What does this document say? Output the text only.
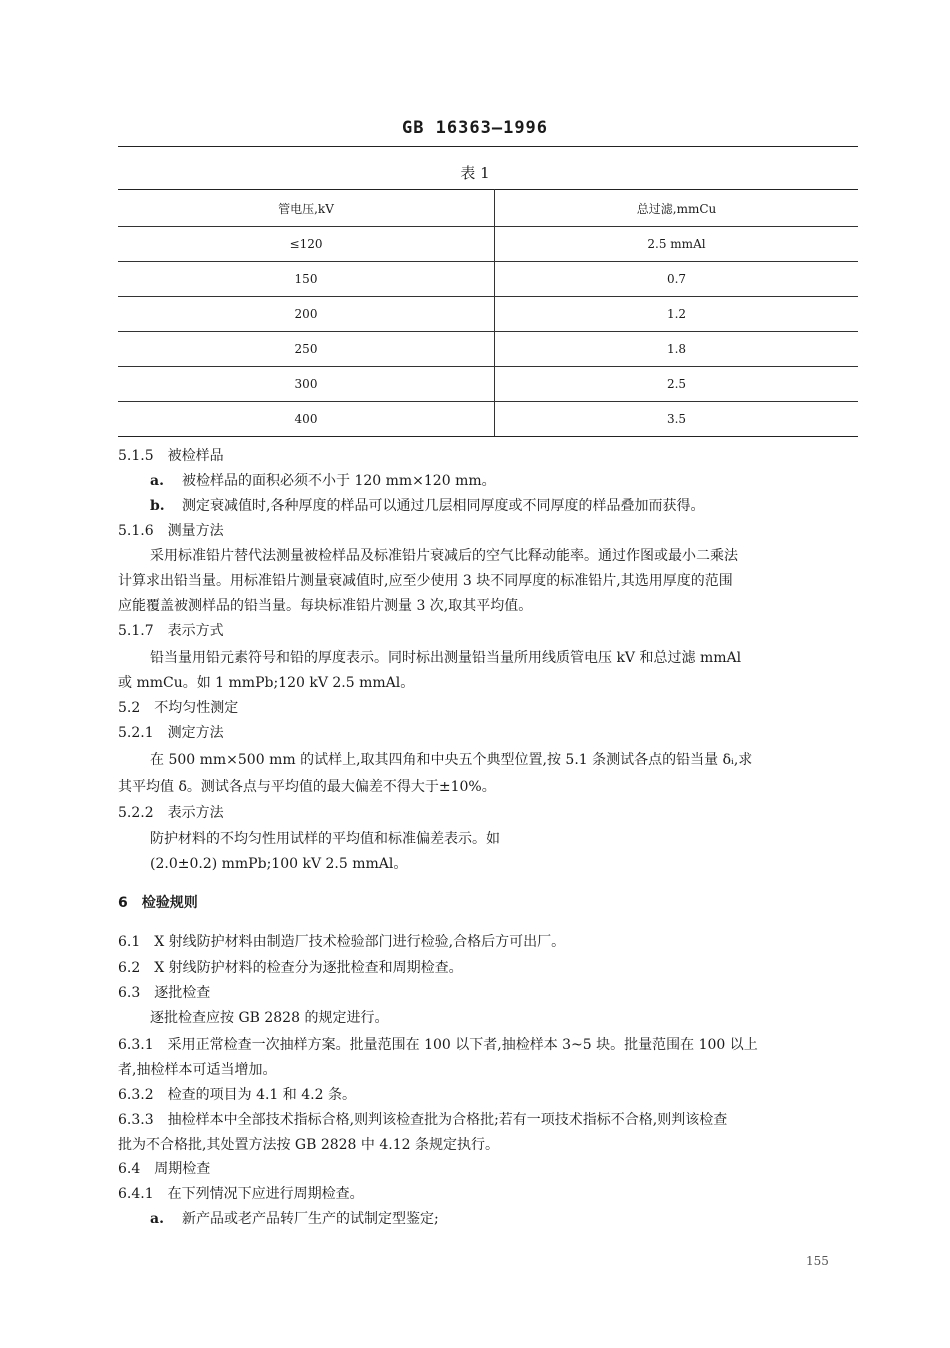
GB 16363—1996
表 1
管电压,kV	总过滤,mmCu
≤120	2.5 mmAl
150	0.7
200	1.2
250	1.8
300	2.5
400	3.5
5.1.5 被检样品
a. 被检样品的面积必须不小于 120 mm×120 mm。
b. 测定衰减值时,各种厚度的样品可以通过几层相同厚度或不同厚度的样品叠加而获得。
5.1.6 测量方法
采用标准铅片替代法测量被检样品及标准铅片衰减后的空气比释动能率。通过作图或最小二乘法
计算求出铅当量。用标准铅片测量衰减值时,应至少使用 3 块不同厚度的标准铅片,其选用厚度的范围
应能覆盖被测样品的铅当量。每块标准铅片测量 3 次,取其平均值。
5.1.7 表示方式
铅当量用铅元素符号和铅的厚度表示。同时标出测量铅当量所用线质管电压 kV 和总过滤 mmAl
或 mmCu。如 1 mmPb;120 kV 2.5 mmAl。
5.2 不均匀性测定
5.2.1 测定方法
在 500 mm×500 mm 的试样上,取其四角和中央五个典型位置,按 5.1 条测试各点的铅当量 δᵢ,求
其平均值 δ̄。测试各点与平均值的最大偏差不得大于±10%。
5.2.2 表示方法
防护材料的不均匀性用试样的平均值和标准偏差表示。如
(2.0±0.2) mmPb;100 kV 2.5 mmAl。
6 检验规则
6.1 X 射线防护材料由制造厂技术检验部门进行检验,合格后方可出厂。
6.2 X 射线防护材料的检查分为逐批检查和周期检查。
6.3 逐批检查
逐批检查应按 GB 2828 的规定进行。
6.3.1 采用正常检查一次抽样方案。批量范围在 100 以下者,抽检样本 3~5 块。批量范围在 100 以上
者,抽检样本可适当增加。
6.3.2 检查的项目为 4.1 和 4.2 条。
6.3.3 抽检样本中全部技术指标合格,则判该检查批为合格批;若有一项技术指标不合格,则判该检查
批为不合格批,其处置方法按 GB 2828 中 4.12 条规定执行。
6.4 周期检查
6.4.1 在下列情况下应进行周期检查。
a. 新产品或老产品转厂生产的试制定型鉴定;
155
